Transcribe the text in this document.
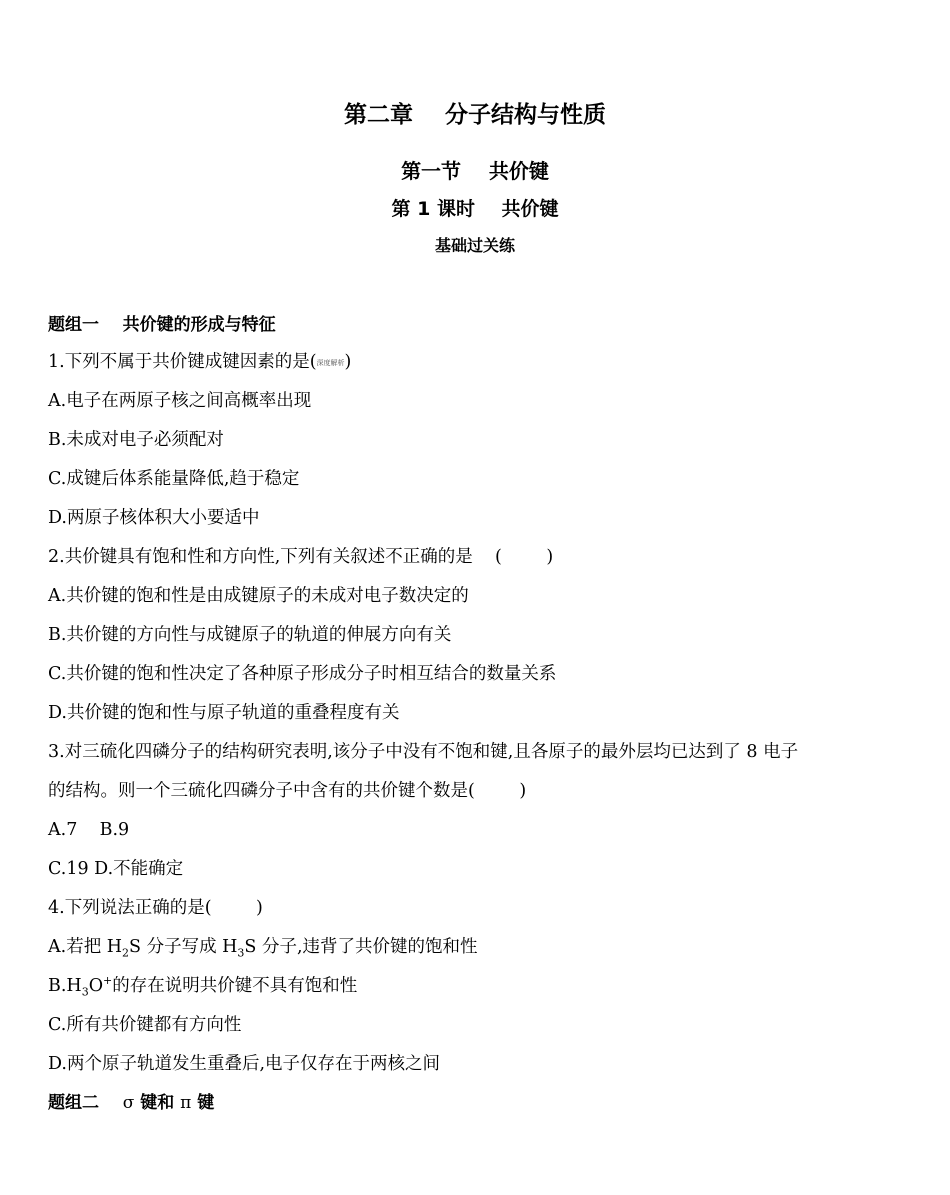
第二章    分子结构与性质
第一节    共价键
第 1 课时    共价键
基础过关练
题组一    共价键的形成与特征
1.下列不属于共价键成键因素的是(深度解析)
A.电子在两原子核之间高概率出现
B.未成对电子必须配对
C.成键后体系能量降低,趋于稳定
D.两原子核体积大小要适中
2.共价键具有饱和性和方向性,下列有关叙述不正确的是    (        )
A.共价键的饱和性是由成键原子的未成对电子数决定的
B.共价键的方向性与成键原子的轨道的伸展方向有关
C.共价键的饱和性决定了各种原子形成分子时相互结合的数量关系
D.共价键的饱和性与原子轨道的重叠程度有关
3.对三硫化四磷分子的结构研究表明,该分子中没有不饱和键,且各原子的最外层均已达到了 8 电子
的结构。则一个三硫化四磷分子中含有的共价键个数是(        )
A.7    B.9
C.19 D.不能确定
4.下列说法正确的是(        )
A.若把 $H_2S$ 分子写成 $H_3S$ 分子,违背了共价键的饱和性
$B.H_3O^+$的存在说明共价键不具有饱和性
C.所有共价键都有方向性
D.两个原子轨道发生重叠后,电子仅存在于两核之间
题组二    σ 键和 π 键
